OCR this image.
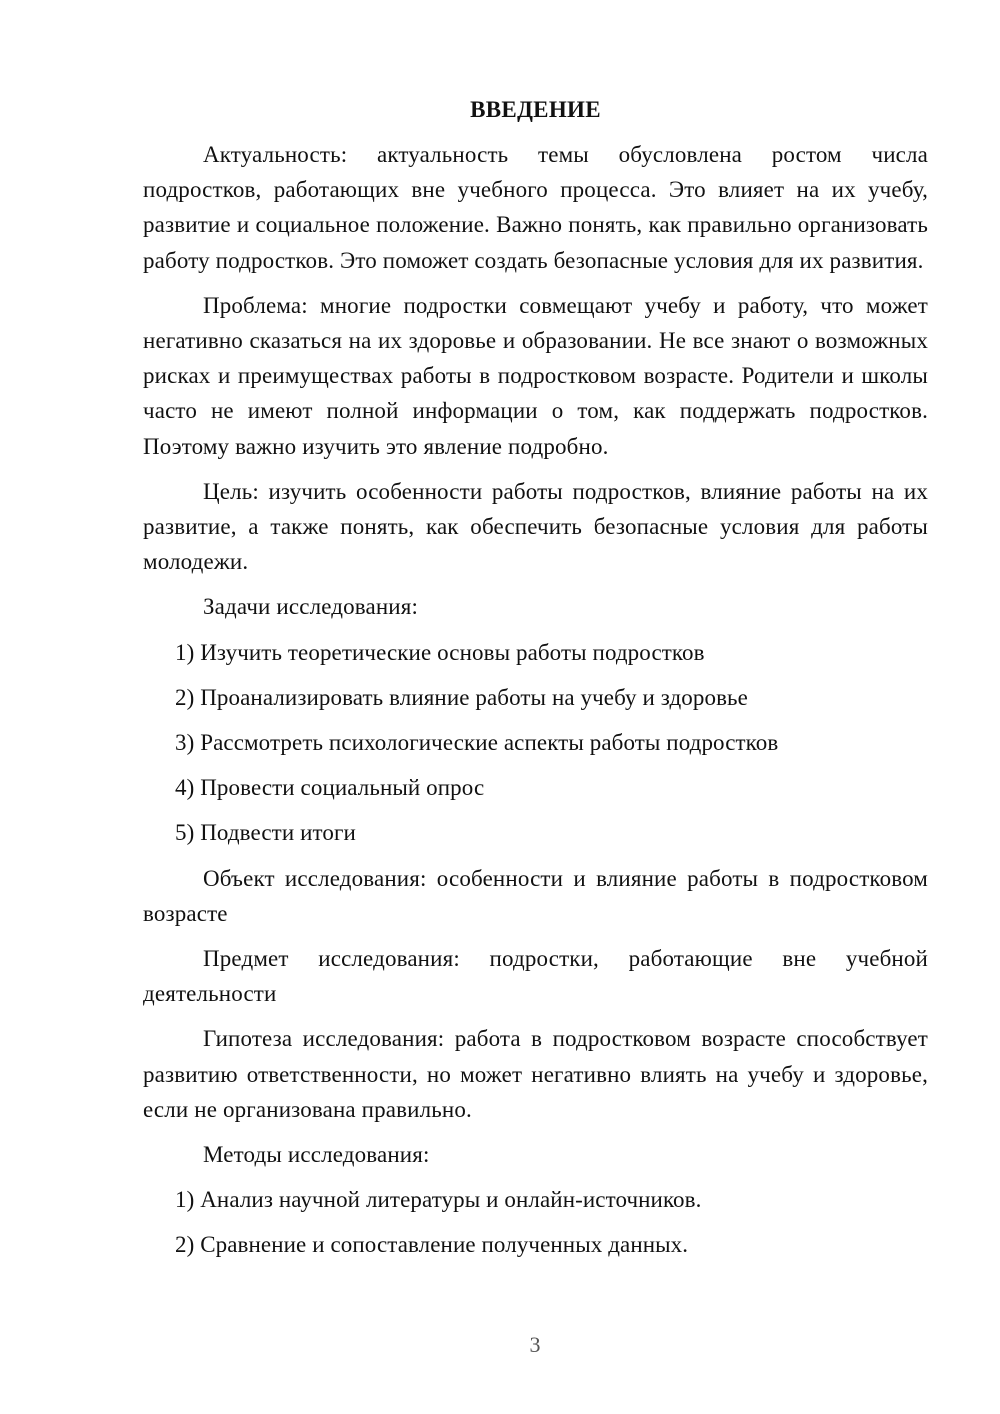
ВВЕДЕНИЕ

Актуальность: актуальность темы обусловлена ростом числа подростков, работающих вне учебного процесса. Это влияет на их учебу, развитие и социальное положение. Важно понять, как правильно организовать работу подростков. Это поможет создать безопасные условия для их развития.

Проблема: многие подростки совмещают учебу и работу, что может негативно сказаться на их здоровье и образовании. Не все знают о возможных рисках и преимуществах работы в подростковом возрасте. Родители и школы часто не имеют полной информации о том, как поддержать подростков. Поэтому важно изучить это явление подробно.

Цель: изучить особенности работы подростков, влияние работы на их развитие, а также понять, как обеспечить безопасные условия для работы молодежи.

Задачи исследования:

1) Изучить теоретические основы работы подростков

2) Проанализировать влияние работы на учебу и здоровье

3) Рассмотреть психологические аспекты работы подростков

4) Провести социальный опрос

5) Подвести итоги

Объект исследования: особенности и влияние работы в подростковом возрасте

Предмет исследования: подростки, работающие вне учебной деятельности

Гипотеза исследования: работа в подростковом возрасте способствует развитию ответственности, но может негативно влиять на учебу и здоровье, если не организована правильно.

Методы исследования:

1) Анализ научной литературы и онлайн-источников.

2) Сравнение и сопоставление полученных данных.

3
